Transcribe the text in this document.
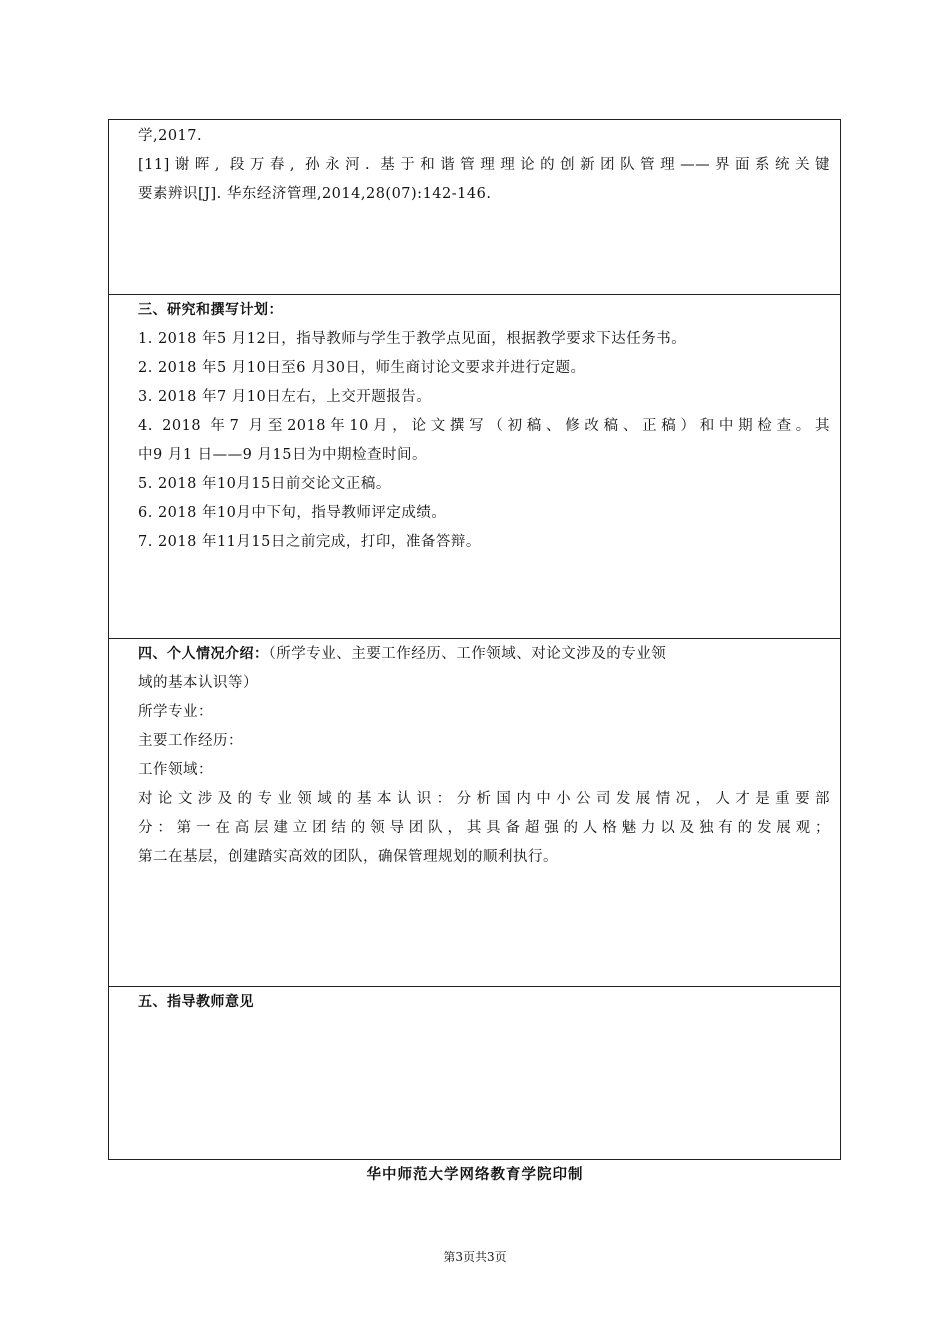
学,2017.
[11]谢晖, 段万春, 孙永河. 基于和谐管理理论的创新团队管理——界面系统关键
要素辨识[J]. 华东经济管理,2014,28(07):142-146.
三、研究和撰写计划：
1. 2018 年5 月12日，指导教师与学生于教学点见面，根据教学要求下达任务书。
2. 2018 年5 月10日至6 月30日，师生商讨论文要求并进行定题。
3. 2018 年7 月10日左右，上交开题报告。
4. 2018 年7 月至2018年10月，论文撰写（初稿、修改稿、正稿）和中期检查。其
中9 月1 日——9 月15日为中期检查时间。
5. 2018 年10月15日前交论文正稿。
6. 2018 年10月中下旬，指导教师评定成绩。
7. 2018 年11月15日之前完成，打印，准备答辩。
四、个人情况介绍：（所学专业、主要工作经历、工作领域、对论文涉及的专业领
域的基本认识等）
所学专业：
主要工作经历：
工作领域：
对论文涉及的专业领域的基本认识：分析国内中小公司发展情况，人才是重要部
分：第一在高层建立团结的领导团队，其具备超强的人格魅力以及独有的发展观；
第二在基层，创建踏实高效的团队，确保管理规划的顺利执行。
五、指导教师意见
华中师范大学网络教育学院印制
第3页共3页
